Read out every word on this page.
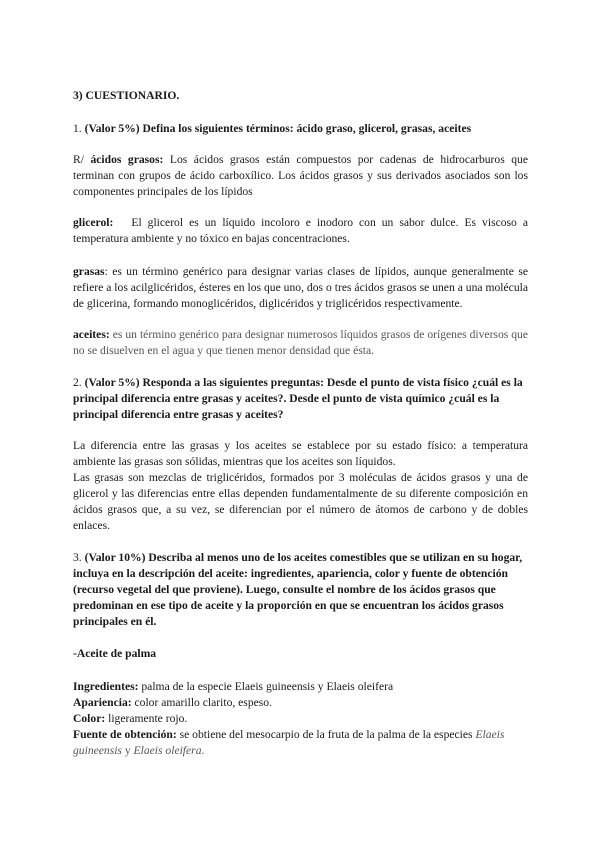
3) CUESTIONARIO.

1. (Valor 5%) Defina los siguientes términos: ácido graso, glicerol, grasas, aceites

R/ ácidos grasos: Los ácidos grasos están compuestos por cadenas de hidrocarburos que terminan con grupos de ácido carboxílico. Los ácidos grasos y sus derivados asociados son los componentes principales de los lípidos

glicerol:   El glicerol es un líquido incoloro e inodoro con un sabor dulce. Es viscoso a temperatura ambiente y no tóxico en bajas concentraciones.

grasas: es un término genérico para designar varias clases de lípidos, aunque generalmente se refiere a los acilglicéridos, ésteres en los que uno, dos o tres ácidos grasos se unen a una molécula de glicerina, formando monoglicéridos, diglicéridos y triglicéridos respectivamente.

aceites: es un término genérico para designar numerosos líquidos grasos de orígenes diversos que no se disuelven en el agua y que tienen menor densidad que ésta.

2. (Valor 5%) Responda a las siguientes preguntas: Desde el punto de vista físico ¿cuál es la principal diferencia entre grasas y aceites?. Desde el punto de vista químico ¿cuál es la principal diferencia entre grasas y aceites?

La diferencia entre las grasas y los aceites se establece por su estado físico: a temperatura ambiente las grasas son sólidas, mientras que los aceites son líquidos.

Las grasas son mezclas de triglicéridos, formados por 3 moléculas de ácidos grasos y una de glicerol y las diferencias entre ellas dependen fundamentalmente de su diferente composición en ácidos grasos que, a su vez, se diferencian por el número de átomos de carbono y de dobles enlaces.

3. (Valor 10%) Describa al menos uno de los aceites comestibles que se utilizan en su hogar, incluya en la descripción del aceite: ingredientes, apariencia, color y fuente de obtención (recurso vegetal del que proviene). Luego, consulte el nombre de los ácidos grasos que predominan en ese tipo de aceite y la proporción en que se encuentran los ácidos grasos principales en él.

-Aceite de palma

Ingredientes: palma de la especie Elaeis guineensis y Elaeis oleifera

Apariencia: color amarillo clarito, espeso.

Color: ligeramente rojo.

Fuente de obtención: se obtiene del mesocarpio de la fruta de la palma de la especies Elaeis guineensis y Elaeis oleifera.
